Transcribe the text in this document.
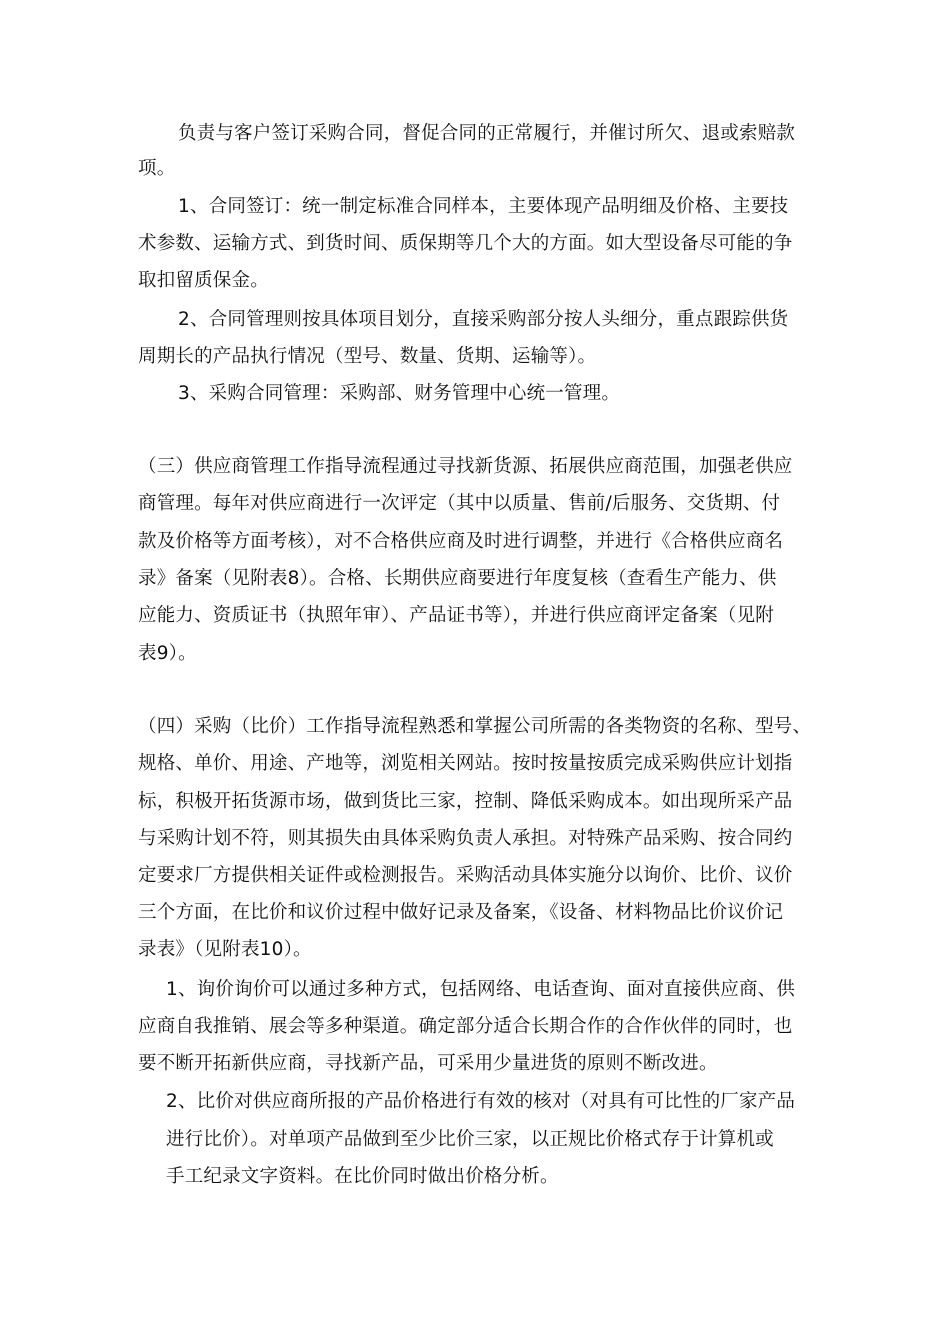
负责与客户签订采购合同，督促合同的正常履行，并催讨所欠、退或索赔款
项。
1、合同签订：统一制定标准合同样本，主要体现产品明细及价格、主要技
术参数、运输方式、到货时间、质保期等几个大的方面。如大型设备尽可能的争
取扣留质保金。
2、合同管理则按具体项目划分，直接采购部分按人头细分，重点跟踪供货
周期长的产品执行情况（型号、数量、货期、运输等）。
3、采购合同管理：采购部、财务管理中心统一管理。
（三）供应商管理工作指导流程通过寻找新货源、拓展供应商范围，加强老供应
商管理。每年对供应商进行一次评定（其中以质量、售前/后服务、交货期、付
款及价格等方面考核），对不合格供应商及时进行调整，并进行《合格供应商名
录》备案（见附表8）。合格、长期供应商要进行年度复核（查看生产能力、供
应能力、资质证书（执照年审）、产品证书等），并进行供应商评定备案（见附
表9）。
（四）采购（比价）工作指导流程熟悉和掌握公司所需的各类物资的名称、型号、
规格、单价、用途、产地等，浏览相关网站。按时按量按质完成采购供应计划指
标，积极开拓货源市场，做到货比三家，控制、降低采购成本。如出现所采产品
与采购计划不符，则其损失由具体采购负责人承担。对特殊产品采购、按合同约
定要求厂方提供相关证件或检测报告。采购活动具体实施分以询价、比价、议价
三个方面，在比价和议价过程中做好记录及备案，《设备、材料物品比价议价记
录表》（见附表10）。
1、询价询价可以通过多种方式，包括网络、电话查询、面对直接供应商、供
应商自我推销、展会等多种渠道。确定部分适合长期合作的合作伙伴的同时，也
要不断开拓新供应商，寻找新产品，可采用少量进货的原则不断改进。
2、比价对供应商所报的产品价格进行有效的核对（对具有可比性的厂家产品
进行比价）。对单项产品做到至少比价三家，以正规比价格式存于计算机或
手工纪录文字资料。在比价同时做出价格分析。
